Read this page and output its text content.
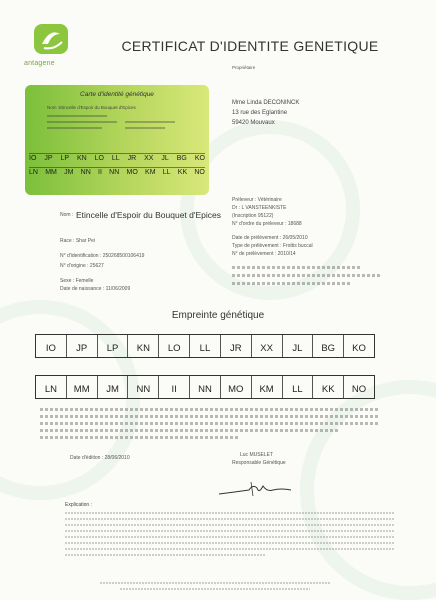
antagene
CERTIFICAT D'IDENTITE GENETIQUE
Carte d'identité génétique
Nom :Etincelle d'Espoir du Bouquet d'Epices
IO JP LP KN LO LL JR XX JL BG KO
LN MM JM NN II NN MO KM LL KK NO
Propriétaire
Mme Linda DECONINCK
13 rue des Eglantine
59420 Mouvaux
Nom : Etincelle d'Espoir du Bouquet d'Epices
Race : Shar Pei
N° d'identification : 250268500106419
N° d'origine : 25627
Sexe : Femelle
Date de naissance : 11/06/2009
Préleveur : Vétérinaire
Dr : L VANSTEENKISTE
(Inscription 95122)
N° d'ordre du préleveur : 18688
Date de prélèvement : 26/05/2010
Type de prélèvement : Frottis buccal
N° de prélèvement : 2010/14
Empreinte génétique
IO JP LP KN LO LL JR XX JL BG KO
LN MM JM NN II NN MO KM LL KK NO
Date d'édition : 28/06/2010	Luc MUSELET
Responsable Génétique
Explication :
